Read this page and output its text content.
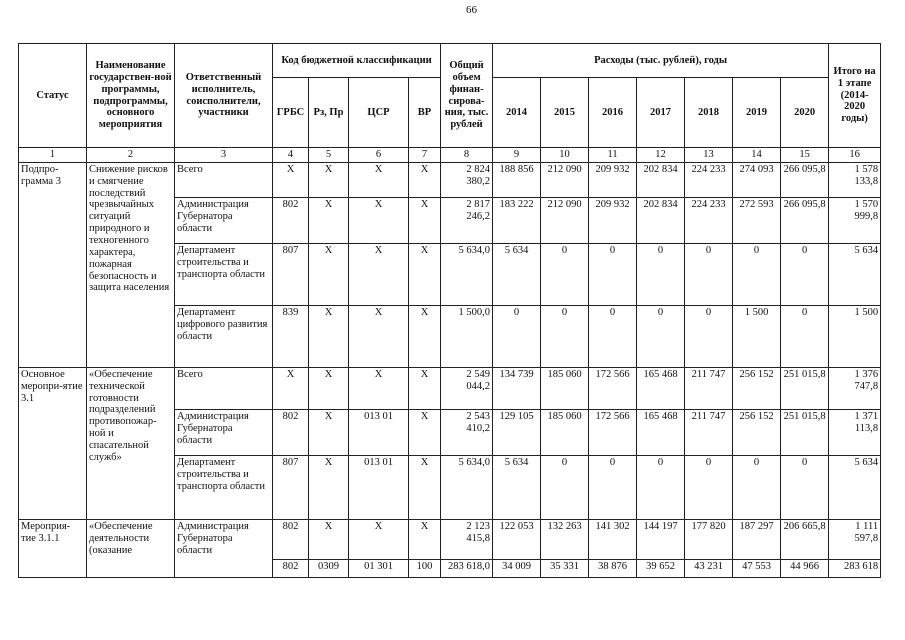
66
Статус	Наименование государствен-ной программы, подпрограммы, основного мероприятия	Ответственный исполнитель, соисполнители, участники	Код бюджетной классификации				Общий объем финан-сирова-ния, тыс. рублей	Расходы (тыс. рублей), годы							Итого на 1 этапе (2014-2020 годы)
			ГРБС	Рз, Пр	ЦСР	ВР		2014	2015	2016	2017	2018	2019	2020	
1	2	3	4	5	6	7	8	9	10	11	12	13	14	15	16
Подпро-грамма 3	Снижение рисков и смягчение последствий чрезвычайных ситуаций природного и техногенного характера, пожарная безопасность и защита населения	Всего	Х	Х	Х	Х	2 824 380,2	188 856	212 090	209 932	202 834	224 233	274 093	266 095,8	1 578 133,8
		Администрация Губернатора области	802	Х	Х	Х	2 817 246,2	183 222	212 090	209 932	202 834	224 233	272 593	266 095,8	1 570 999,8
		Департамент строительства и транспорта области	807	Х	Х	Х	5 634,0	5 634	0	0	0	0	0	0	5 634
		Департамент цифрового развития области	839	Х	Х	Х	1 500,0	0	0	0	0	0	1 500	0	1 500
Основное меропри-ятие 3.1	«Обеспечение технической готовности подразделений противопожар-ной и спасательной служб»	Всего	Х	Х	Х	Х	2 549 044,2	134 739	185 060	172 566	165 468	211 747	256 152	251 015,8	1 376 747,8
		Администрация Губернатора области	802	Х	013 01	Х	2 543 410,2	129 105	185 060	172 566	165 468	211 747	256 152	251 015,8	1 371 113,8
		Департамент строительства и транспорта области	807	Х	013 01	Х	5 634,0	5 634	0	0	0	0	0	0	5 634
Мероприя-тие 3.1.1	«Обеспечение деятельности (оказание	Администрация Губернатора области	802	Х	Х	Х	2 123 415,8	122 053	132 263	141 302	144 197	177 820	187 297	206 665,8	1 111 597,8
			802	0309	01 301	100	283 618,0	34 009	35 331	38 876	39 652	43 231	47 553	44 966	283 618
